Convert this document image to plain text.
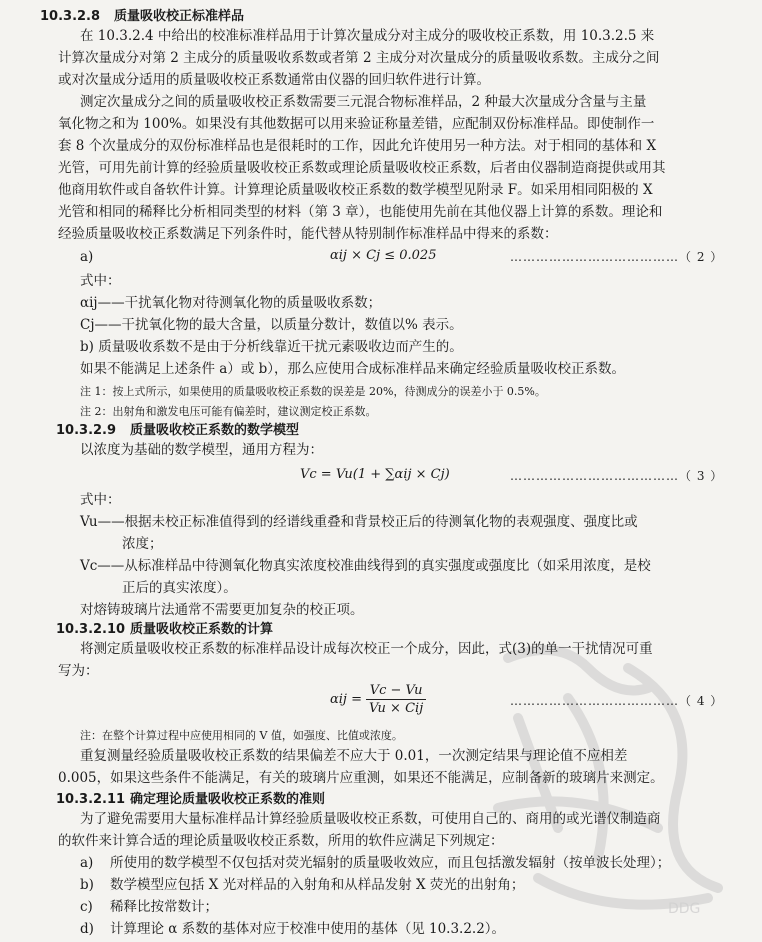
DDG
10.3.2.8 质量吸收校正标准样品
在 10.3.2.4 中给出的校准标准样品用于计算次量成分对主成分的吸收校正系数，用 10.3.2.5 来
计算次量成分对第 2 主成分的质量吸收系数或者第 2 主成分对次量成分的质量吸收系数。主成分之间
或对次量成分适用的质量吸收校正系数通常由仪器的回归软件进行计算。
测定次量成分之间的质量吸收校正系数需要三元混合物标准样品，2 种最大次量成分含量与主量
氧化物之和为 100%。如果没有其他数据可以用来验证称量差错，应配制双份标准样品。即使制作一
套 8 个次量成分的双份标准样品也是很耗时的工作，因此允许使用另一种方法。对于相同的基体和 X
光管，可用先前计算的经验质量吸收校正系数或理论质量吸收校正系数，后者由仪器制造商提供或用其
他商用软件或自备软件计算。计算理论质量吸收校正系数的数学模型见附录 F。如采用相同阳极的 X
光管和相同的稀释比分析相同类型的材料（第 3 章），也能使用先前在其他仪器上计算的系数。理论和
经验质量吸收校正系数满足下列条件时，能代替从特别制作标准样品中得来的系数：
a)	αij × Cj ≤ 0.025	…………………………………（ 2 ）
式中：
αij——干扰氧化物对待测氧化物的质量吸收系数；
Cj——干扰氧化物的最大含量，以质量分数计，数值以% 表示。
b) 质量吸收系数不是由于分析线靠近干扰元素吸收边而产生的。
如果不能满足上述条件 a）或 b），那么应使用合成标准样品来确定经验质量吸收校正系数。
注 1：按上式所示，如果使用的质量吸收校正系数的误差是 20%，待测成分的误差小于 0.5%。
注 2：出射角和激发电压可能有偏差时，建议测定校正系数。
10.3.2.9 质量吸收校正系数的数学模型
以浓度为基础的数学模型，通用方程为：
Vc = Vu(1 + ∑αij × Cj)	…………………………………（ 3 ）
式中：
Vu——根据未校正标准值得到的经谱线重叠和背景校正后的待测氧化物的表观强度、强度比或
浓度；
Vc——从标准样品中待测氧化物真实浓度校准曲线得到的真实强度或强度比（如采用浓度，是校
正后的真实浓度）。
对熔铸玻璃片法通常不需要更加复杂的校正项。
10.3.2.10 质量吸收校正系数的计算
将测定质量吸收校正系数的标准样品设计成每次校正一个成分，因此，式(3)的单一干扰情况可重
写为：
$\alpha ij = \frac{Vc - Vu}{\text{Vu × Cij}}$	…………………………………（ 4 ）
注：在整个计算过程中应使用相同的 V 值，如强度、比值或浓度。
重复测量经验质量吸收校正系数的结果偏差不应大于 0.01，一次测定结果与理论值不应相差
0.005，如果这些条件不能满足，有关的玻璃片应重测，如果还不能满足，应制备新的玻璃片来测定。
10.3.2.11 确定理论质量吸收校正系数的准则
为了避免需要用大量标准样品计算经验质量吸收校正系数，可使用自己的、商用的或光谱仪制造商
的软件来计算合适的理论质量吸收校正系数，所用的软件应满足下列规定：
a) 所使用的数学模型不仅包括对荧光辐射的质量吸收效应，而且包括激发辐射（按单波长处理）；
b) 数学模型应包括 X 光对样品的入射角和从样品发射 X 荧光的出射角；
c) 稀释比按常数计；
d) 计算理论 α 系数的基体对应于校准中使用的基体（见 10.3.2.2）。
